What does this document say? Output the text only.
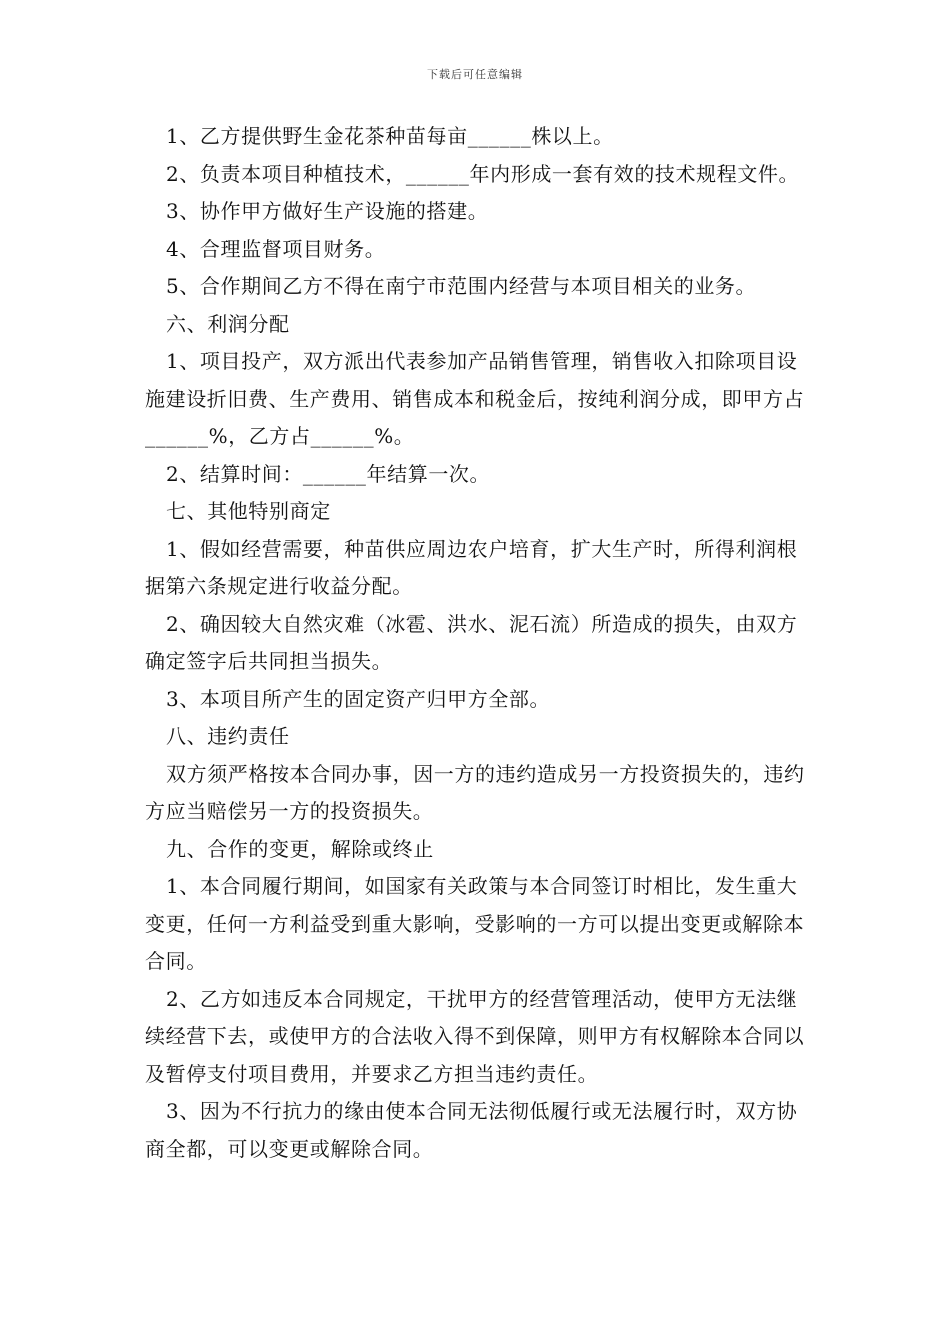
下载后可任意编辑

1、乙方提供野生金花茶种苗每亩______株以上。

2、负责本项目种植技术，______年内形成一套有效的技术规程文件。

3、协作甲方做好生产设施的搭建。

4、合理监督项目财务。

5、合作期间乙方不得在南宁市范围内经营与本项目相关的业务。

六、利润分配

1、项目投产，双方派出代表参加产品销售管理，销售收入扣除项目设施建设折旧费、生产费用、销售成本和税金后，按纯利润分成，即甲方占______%，乙方占______%。

2、结算时间：______年结算一次。

七、其他特别商定

1、假如经营需要，种苗供应周边农户培育，扩大生产时，所得利润根据第六条规定进行收益分配。

2、确因较大自然灾难（冰雹、洪水、泥石流）所造成的损失，由双方确定签字后共同担当损失。

3、本项目所产生的固定资产归甲方全部。

八、违约责任

双方须严格按本合同办事，因一方的违约造成另一方投资损失的，违约方应当赔偿另一方的投资损失。

九、合作的变更，解除或终止

1、本合同履行期间，如国家有关政策与本合同签订时相比，发生重大变更，任何一方利益受到重大影响，受影响的一方可以提出变更或解除本合同。

2、乙方如违反本合同规定，干扰甲方的经营管理活动，使甲方无法继续经营下去，或使甲方的合法收入得不到保障，则甲方有权解除本合同以及暂停支付项目费用，并要求乙方担当违约责任。

3、因为不行抗力的缘由使本合同无法彻低履行或无法履行时，双方协商全都，可以变更或解除合同。
